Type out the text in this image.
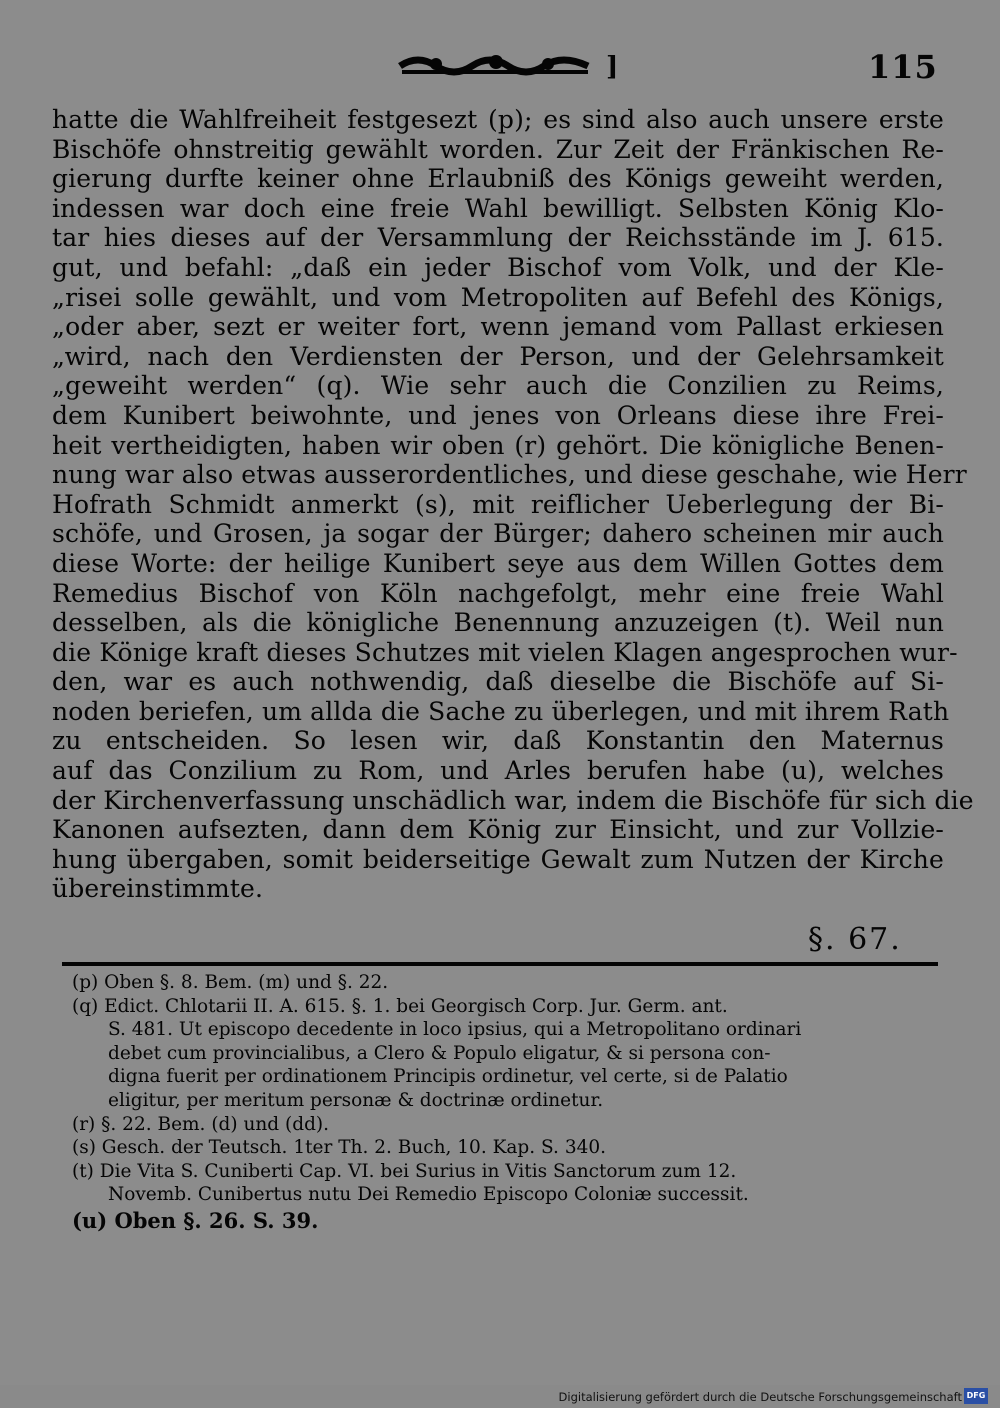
]	115
hatte die Wahlfreiheit festgesezt (p); es sind also auch unsere erste
Bischöfe ohnstreitig gewählt worden. Zur Zeit der Fränkischen Re-
gierung durfte keiner ohne Erlaubniß des Königs geweiht werden,
indessen war doch eine freie Wahl bewilligt. Selbsten König Klo-
tar hies dieses auf der Versammlung der Reichsstände im J. 615.
gut, und befahl: „daß ein jeder Bischof vom Volk, und der Kle-
„risei solle gewählt, und vom Metropoliten auf Befehl des Königs,
„oder aber, sezt er weiter fort, wenn jemand vom Pallast erkiesen
„wird, nach den Verdiensten der Person, und der Gelehrsamkeit
„geweiht werden“ (q). Wie sehr auch die Conzilien zu Reims,
dem Kunibert beiwohnte, und jenes von Orleans diese ihre Frei-
heit vertheidigten, haben wir oben (r) gehört. Die königliche Benen-
nung war also etwas ausserordentliches, und diese geschahe, wie Herr
Hofrath Schmidt anmerkt (s), mit reiflicher Ueberlegung der Bi-
schöfe, und Grosen, ja sogar der Bürger; dahero scheinen mir auch
diese Worte: der heilige Kunibert seye aus dem Willen Gottes dem
Remedius Bischof von Köln nachgefolgt, mehr eine freie Wahl
desselben, als die königliche Benennung anzuzeigen (t). Weil nun
die Könige kraft dieses Schutzes mit vielen Klagen angesprochen wur-
den, war es auch nothwendig, daß dieselbe die Bischöfe auf Si-
noden beriefen, um allda die Sache zu überlegen, und mit ihrem Rath
zu entscheiden. So lesen wir, daß Konstantin den Maternus
auf das Conzilium zu Rom, und Arles berufen habe (u), welches
der Kirchenverfassung unschädlich war, indem die Bischöfe für sich die
Kanonen aufsezten, dann dem König zur Einsicht, und zur Vollzie-
hung übergaben, somit beiderseitige Gewalt zum Nutzen der Kirche
übereinstimmte.
§. 67.
(p) Oben §. 8. Bem. (m) und §. 22.
(q) Edict. Chlotarii II. A. 615. §. 1. bei Georgisch Corp. Jur. Germ. ant.
S. 481. Ut episcopo decedente in loco ipsius, qui a Metropolitano ordinari
debet cum provincialibus, a Clero & Populo eligatur, & si persona con-
digna fuerit per ordinationem Principis ordinetur, vel certe, si de Palatio
eligitur, per meritum personæ & doctrinæ ordinetur.
(r) §. 22. Bem. (d) und (dd).
(s) Gesch. der Teutsch. 1ter Th. 2. Buch, 10. Kap. S. 340.
(t) Die Vita S. Cuniberti Cap. VI. bei Surius in Vitis Sanctorum zum 12.
Novemb. Cunibertus nutu Dei Remedio Episcopo Coloniæ successit.
(u) Oben §. 26. S. 39.
Digitalisierung gefördert durch die Deutsche Forschungsgemeinschaft DFG
